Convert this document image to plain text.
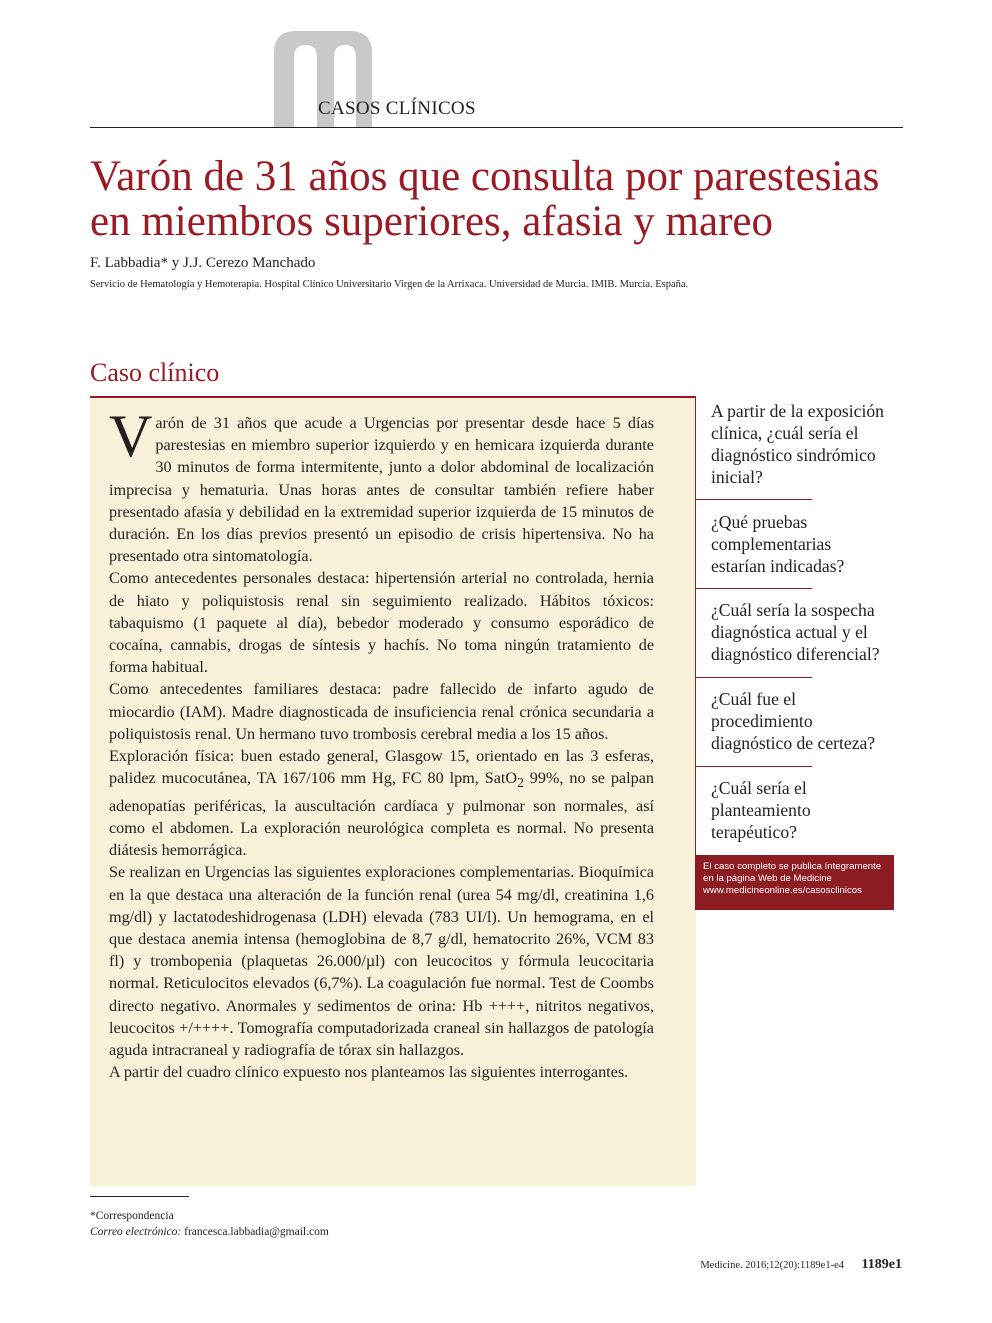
CASOS CLÍNICOS
Varón de 31 años que consulta por parestesias
en miembros superiores, afasia y mareo
F. Labbadia* y J.J. Cerezo Manchado
Servicio de Hematología y Hemoterapia. Hospital Clínico Universitario Virgen de la Arrixaca. Universidad de Murcia. IMIB. Murcia. España.
Caso clínico

Varón de 31 años que acude a Urgencias por presentar desde hace 5 días parestesias en miembro superior izquierdo y en hemicara izquierda durante 30 minutos de forma intermitente, junto a dolor abdominal de localización imprecisa y hematuria. Unas horas antes de consultar también refiere haber presentado afasia y debilidad en la extremidad superior izquierda de 15 minutos de duración. En los días previos presentó un episodio de crisis hipertensiva. No ha presentado otra sintomatología.

Como antecedentes personales destaca: hipertensión arterial no controlada, hernia de hiato y poliquistosis renal sin seguimiento realizado. Hábitos tóxicos: tabaquismo (1 paquete al día), bebedor moderado y consumo esporádico de cocaína, cannabis, drogas de síntesis y hachís. No toma ningún tratamiento de forma habitual.

Como antecedentes familiares destaca: padre fallecido de infarto agudo de miocardio (IAM). Madre diagnosticada de insuficiencia renal crónica secundaria a poliquistosis renal. Un hermano tuvo trombosis cerebral media a los 15 años.

Exploración física: buen estado general, Glasgow 15, orientado en las 3 esferas, palidez mucocutánea, TA 167/106 mm Hg, FC 80 lpm, SatO$_2$ 99%, no se palpan adenopatías periféricas, la auscultación cardíaca y pulmonar son normales, así como el abdomen. La exploración neurológica completa es normal. No presenta diátesis hemorrágica.

Se realizan en Urgencias las siguientes exploraciones complementarias. Bioquímica en la que destaca una alteración de la función renal (urea 54 mg/dl, creatinina 1,6 mg/dl) y lactatodeshidrogenasa (LDH) elevada (783 UI/l). Un hemograma, en el que destaca anemia intensa (hemoglobina de 8,7 g/dl, hematocrito 26%, VCM 83 fl) y trombopenia (plaquetas 26.000/µl) con leucocitos y fórmula leucocitaria normal. Reticulocitos elevados (6,7%). La coagulación fue normal. Test de Coombs directo negativo. Anormales y sedimentos de orina: Hb ++++, nitritos negativos, leucocitos +/++++. Tomografía computadorizada craneal sin hallazgos de patología aguda intracraneal y radiografía de tórax sin hallazgos.

A partir del cuadro clínico expuesto nos planteamos las siguientes interrogantes.

A partir de la exposición
clínica, ¿cuál sería el
diagnóstico sindrómico
inicial?

¿Qué pruebas
complementarias
estarían indicadas?

¿Cuál sería la sospecha
diagnóstica actual y el
diagnóstico diferencial?

¿Cuál fue el
procedimiento
diagnóstico de certeza?

¿Cuál sería el
planteamiento
terapéutico?

El caso completo se publica íntegramente
en la página Web de Medicine
www.medicineonline.es/casosclinicos
*Correspondencia
Correo electrónico: francesca.labbadia@gmail.com
Medicine. 2016;12(20):1189e1-e4 1189e1
